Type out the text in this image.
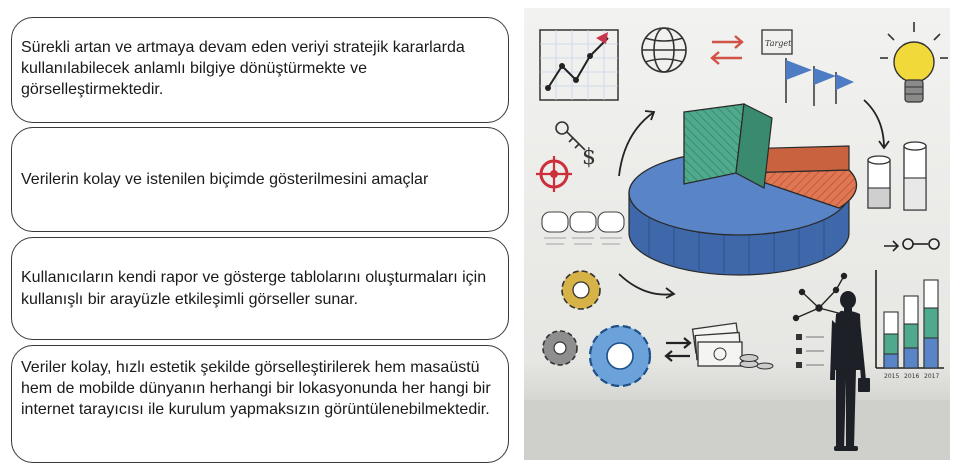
Sürekli artan ve artmaya devam eden veriyi stratejik kararlarda kullanılabilecek anlamlı bilgiye dönüştürmekte ve görselleştirmektedir.
Verilerin kolay ve istenilen biçimde gösterilmesini amaçlar
Kullanıcıların kendi rapor ve gösterge tablolarını oluşturmaları için kullanışlı bir arayüzle etkileşimli görseller sunar.
Veriler kolay, hızlı estetik şekilde görselleştirilerek hem masaüstü hem de mobilde dünyanın herhangi bir lokasyonunda her hangi bir internet tarayıcısı ile kurulum yapmaksızın görüntülenebilmektedir.
Target
$
2015 2016 2017
